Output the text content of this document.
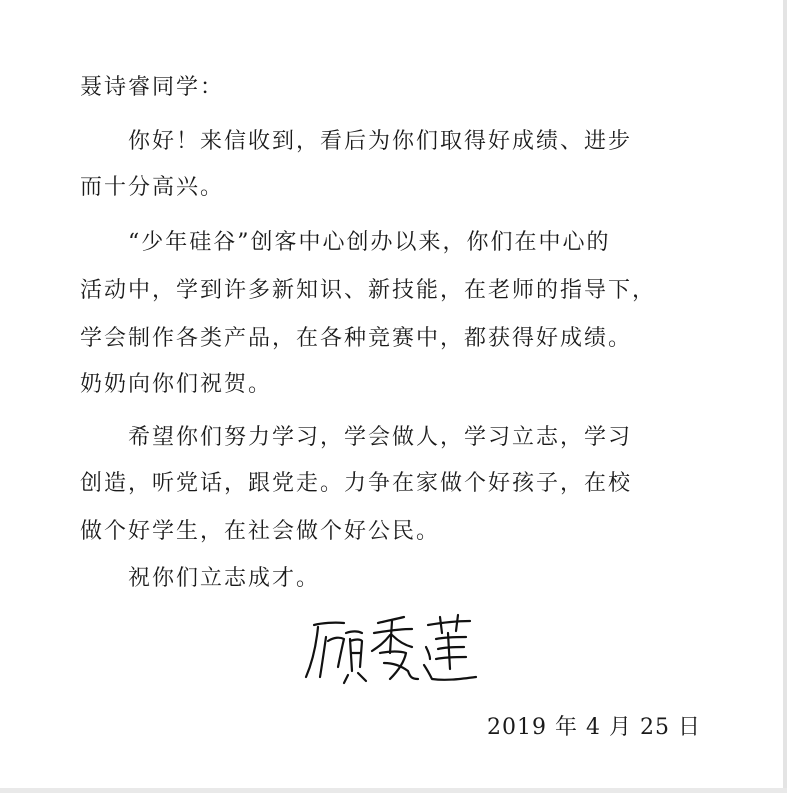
聂诗睿同学：
你好！来信收到，看后为你们取得好成绩、进步
而十分高兴。
“少年硅谷”创客中心创办以来，你们在中心的
活动中，学到许多新知识、新技能，在老师的指导下，
学会制作各类产品，在各种竞赛中，都获得好成绩。
奶奶向你们祝贺。
希望你们努力学习，学会做人，学习立志，学习
创造，听党话，跟党走。力争在家做个好孩子，在校
做个好学生，在社会做个好公民。
祝你们立志成才。
2019 年 4 月 25 日
